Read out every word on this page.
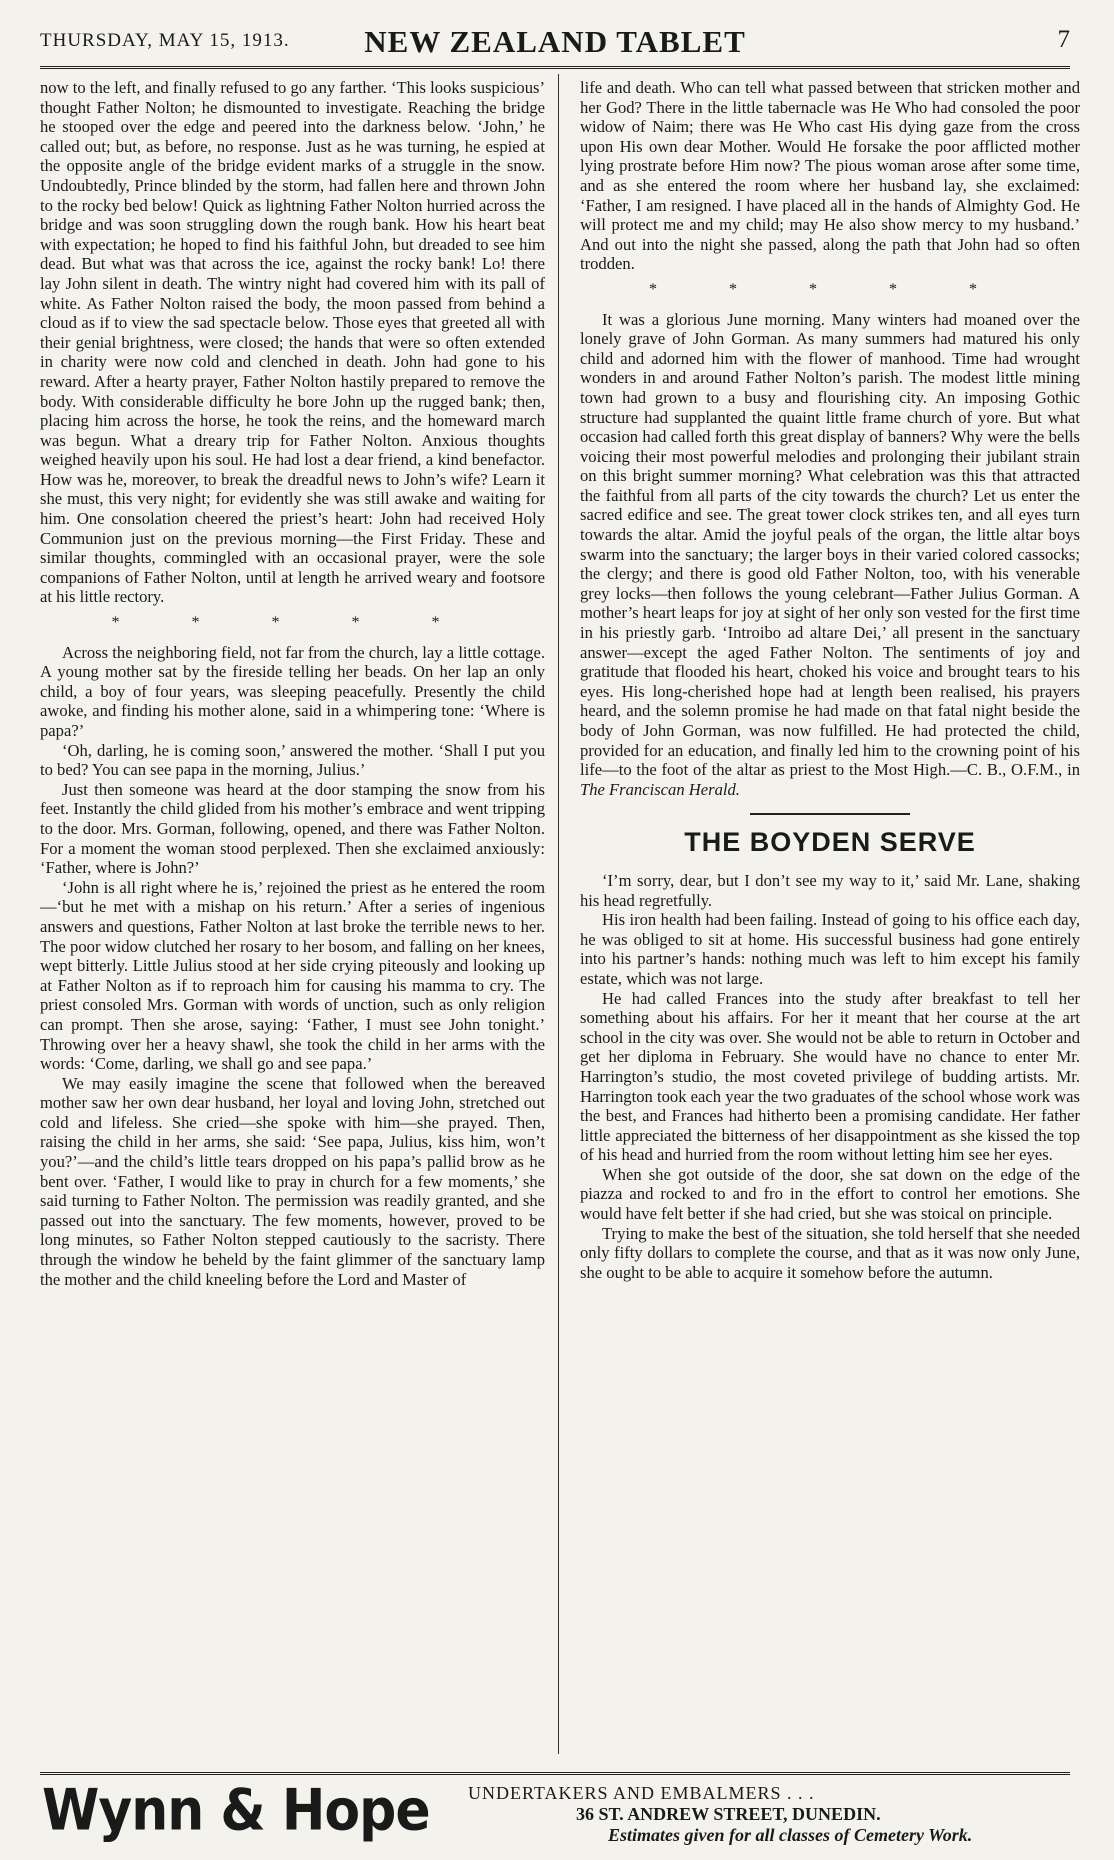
THURSDAY, MAY 15, 1913.	NEW ZEALAND TABLET	7

now to the left, and finally refused to go any farther. ‘This looks suspicious’ thought Father Nolton; he dismounted to investigate. Reaching the bridge he stooped over the edge and peered into the darkness below. ‘John,’ he called out; but, as before, no response. Just as he was turning, he espied at the opposite angle of the bridge evident marks of a struggle in the snow. Undoubtedly, Prince blinded by the storm, had fallen here and thrown John to the rocky bed below! Quick as lightning Father Nolton hurried across the bridge and was soon struggling down the rough bank. How his heart beat with expectation; he hoped to find his faithful John, but dreaded to see him dead. But what was that across the ice, against the rocky bank! Lo! there lay John silent in death. The wintry night had covered him with its pall of white. As Father Nolton raised the body, the moon passed from behind a cloud as if to view the sad spectacle below. Those eyes that greeted all with their genial brightness, were closed; the hands that were so often extended in charity were now cold and clenched in death. John had gone to his reward. After a hearty prayer, Father Nolton hastily prepared to remove the body. With considerable difficulty he bore John up the rugged bank; then, placing him across the horse, he took the reins, and the homeward march was begun. What a dreary trip for Father Nolton. Anxious thoughts weighed heavily upon his soul. He had lost a dear friend, a kind benefactor. How was he, moreover, to break the dreadful news to John’s wife? Learn it she must, this very night; for evidently she was still awake and waiting for him. One consolation cheered the priest’s heart: John had received Holy Communion just on the previous morning—the First Friday. These and similar thoughts, commingled with an occasional prayer, were the sole companions of Father Nolton, until at length he arrived weary and footsore at his little rectory.

* * * * *

Across the neighboring field, not far from the church, lay a little cottage. A young mother sat by the fireside telling her beads. On her lap an only child, a boy of four years, was sleeping peacefully. Presently the child awoke, and finding his mother alone, said in a whimpering tone: ‘Where is papa?’

‘Oh, darling, he is coming soon,’ answered the mother. ‘Shall I put you to bed? You can see papa in the morning, Julius.’

Just then someone was heard at the door stamping the snow from his feet. Instantly the child glided from his mother’s embrace and went tripping to the door. Mrs. Gorman, following, opened, and there was Father Nolton. For a moment the woman stood perplexed. Then she exclaimed anxiously: ‘Father, where is John?’

‘John is all right where he is,’ rejoined the priest as he entered the room—‘but he met with a mishap on his return.’ After a series of ingenious answers and questions, Father Nolton at last broke the terrible news to her. The poor widow clutched her rosary to her bosom, and falling on her knees, wept bitterly. Little Julius stood at her side crying piteously and looking up at Father Nolton as if to reproach him for causing his mamma to cry. The priest consoled Mrs. Gorman with words of unction, such as only religion can prompt. Then she arose, saying: ‘Father, I must see John tonight.’ Throwing over her a heavy shawl, she took the child in her arms with the words: ‘Come, darling, we shall go and see papa.’

We may easily imagine the scene that followed when the bereaved mother saw her own dear husband, her loyal and loving John, stretched out cold and lifeless. She cried—she spoke with him—she prayed. Then, raising the child in her arms, she said: ‘See papa, Julius, kiss him, won’t you?’—and the child’s little tears dropped on his papa’s pallid brow as he bent over. ‘Father, I would like to pray in church for a few moments,’ she said turning to Father Nolton. The permission was readily granted, and she passed out into the sanctuary. The few moments, however, proved to be long minutes, so Father Nolton stepped cautiously to the sacristy. There through the window he beheld by the faint glimmer of the sanctuary lamp the mother and the child kneeling before the Lord and Master of

life and death. Who can tell what passed between that stricken mother and her God? There in the little tabernacle was He Who had consoled the poor widow of Naim; there was He Who cast His dying gaze from the cross upon His own dear Mother. Would He forsake the poor afflicted mother lying prostrate before Him now? The pious woman arose after some time, and as she entered the room where her husband lay, she exclaimed: ‘Father, I am resigned. I have placed all in the hands of Almighty God. He will protect me and my child; may He also show mercy to my husband.’ And out into the night she passed, along the path that John had so often trodden.

* * * * *

It was a glorious June morning. Many winters had moaned over the lonely grave of John Gorman. As many summers had matured his only child and adorned him with the flower of manhood. Time had wrought wonders in and around Father Nolton’s parish. The modest little mining town had grown to a busy and flourishing city. An imposing Gothic structure had supplanted the quaint little frame church of yore. But what occasion had called forth this great display of banners? Why were the bells voicing their most powerful melodies and prolonging their jubilant strain on this bright summer morning? What celebration was this that attracted the faithful from all parts of the city towards the church? Let us enter the sacred edifice and see. The great tower clock strikes ten, and all eyes turn towards the altar. Amid the joyful peals of the organ, the little altar boys swarm into the sanctuary; the larger boys in their varied colored cassocks; the clergy; and there is good old Father Nolton, too, with his venerable grey locks—then follows the young celebrant—Father Julius Gorman. A mother’s heart leaps for joy at sight of her only son vested for the first time in his priestly garb. ‘Introibo ad altare Dei,’ all present in the sanctuary answer—except the aged Father Nolton. The sentiments of joy and gratitude that flooded his heart, choked his voice and brought tears to his eyes. His long-cherished hope had at length been realised, his prayers heard, and the solemn promise he had made on that fatal night beside the body of John Gorman, was now fulfilled. He had protected the child, provided for an education, and finally led him to the crowning point of his life—to the foot of the altar as priest to the Most High.—C. B., O.F.M., in The Franciscan Herald.

THE BOYDEN SERVE

‘I’m sorry, dear, but I don’t see my way to it,’ said Mr. Lane, shaking his head regretfully.

His iron health had been failing. Instead of going to his office each day, he was obliged to sit at home. His successful business had gone entirely into his partner’s hands: nothing much was left to him except his family estate, which was not large.

He had called Frances into the study after breakfast to tell her something about his affairs. For her it meant that her course at the art school in the city was over. She would not be able to return in October and get her diploma in February. She would have no chance to enter Mr. Harrington’s studio, the most coveted privilege of budding artists. Mr. Harrington took each year the two graduates of the school whose work was the best, and Frances had hitherto been a promising candidate. Her father little appreciated the bitterness of her disappointment as she kissed the top of his head and hurried from the room without letting him see her eyes.

When she got outside of the door, she sat down on the edge of the piazza and rocked to and fro in the effort to control her emotions. She would have felt better if she had cried, but she was stoical on principle.

Trying to make the best of the situation, she told herself that she needed only fifty dollars to complete the course, and that as it was now only June, she ought to be able to acquire it somehow before the autumn.

Wynn & Hope UNDERTAKERS AND EMBALMERS . . .
36 ST. ANDREW STREET, DUNEDIN.
Estimates given for all classes of Cemetery Work.
